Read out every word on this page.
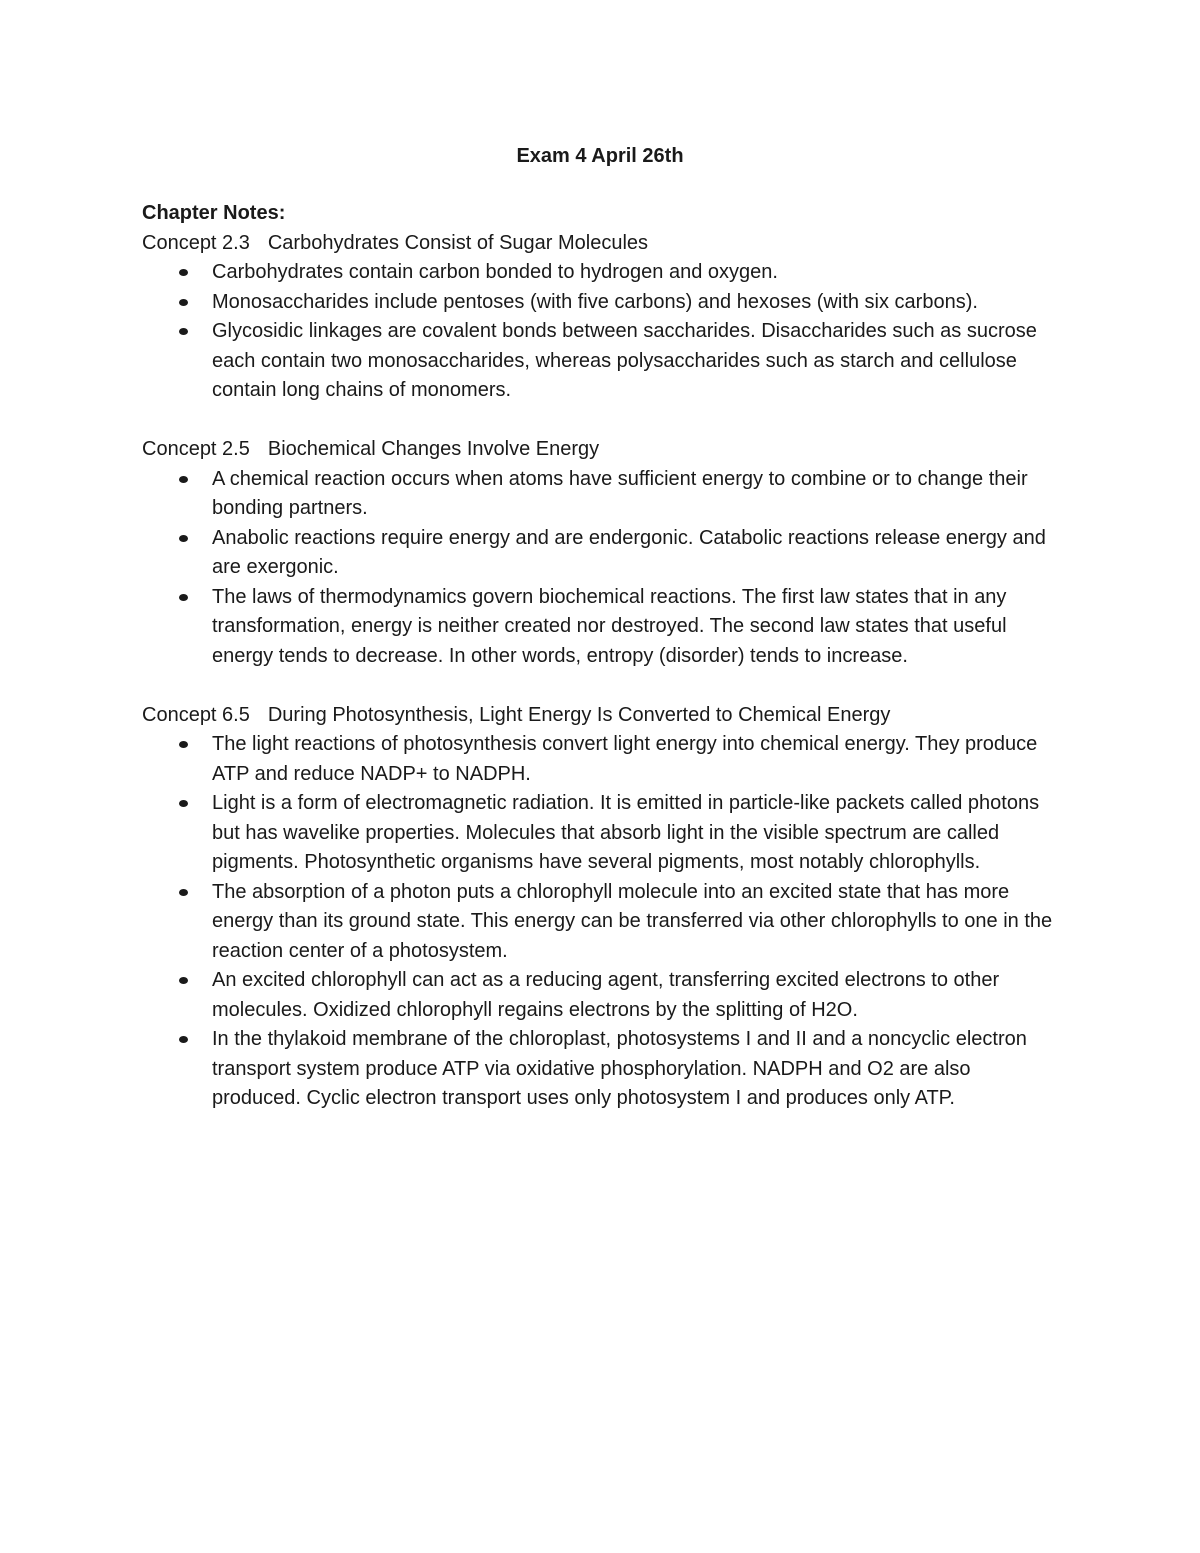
Exam 4 April 26th

Chapter Notes:

Concept 2.3 Carbohydrates Consist of Sugar Molecules

Carbohydrates contain carbon bonded to hydrogen and oxygen.
Monosaccharides include pentoses (with five carbons) and hexoses (with six carbons).
Glycosidic linkages are covalent bonds between saccharides. Disaccharides such as sucrose each contain two monosaccharides, whereas polysaccharides such as starch and cellulose contain long chains of monomers.

Concept 2.5 Biochemical Changes Involve Energy

A chemical reaction occurs when atoms have sufficient energy to combine or to change their bonding partners.
Anabolic reactions require energy and are endergonic. Catabolic reactions release energy and are exergonic.
The laws of thermodynamics govern biochemical reactions. The first law states that in any transformation, energy is neither created nor destroyed. The second law states that useful energy tends to decrease. In other words, entropy (disorder) tends to increase.

Concept 6.5 During Photosynthesis, Light Energy Is Converted to Chemical Energy

The light reactions of photosynthesis convert light energy into chemical energy. They produce ATP and reduce NADP+ to NADPH.
Light is a form of electromagnetic radiation. It is emitted in particle-like packets called photons but has wavelike properties. Molecules that absorb light in the visible spectrum are called pigments. Photosynthetic organisms have several pigments, most notably chlorophylls.
The absorption of a photon puts a chlorophyll molecule into an excited state that has more energy than its ground state. This energy can be transferred via other chlorophylls to one in the reaction center of a photosystem.
An excited chlorophyll can act as a reducing agent, transferring excited electrons to other molecules. Oxidized chlorophyll regains electrons by the splitting of H2O.
In the thylakoid membrane of the chloroplast, photosystems I and II and a noncyclic electron transport system produce ATP via oxidative phosphorylation. NADPH and O2 are also produced. Cyclic electron transport uses only photosystem I and produces only ATP.
